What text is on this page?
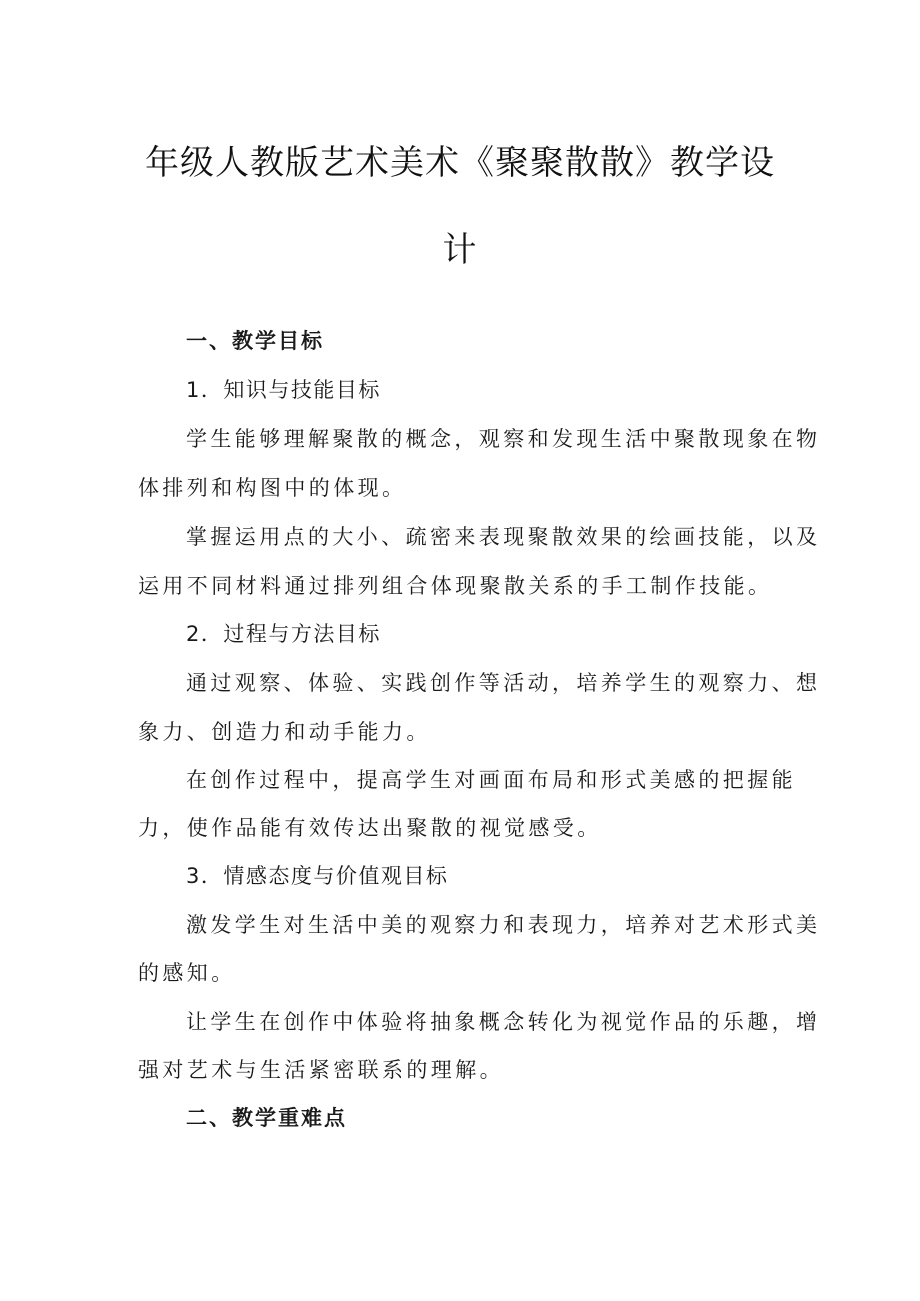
年级人教版艺术美术《聚聚散散》教学设
计
一、教学目标
1．知识与技能目标
学生能够理解聚散的概念，观察和发现生活中聚散现象在物
体排列和构图中的体现。
掌握运用点的大小、疏密来表现聚散效果的绘画技能，以及
运用不同材料通过排列组合体现聚散关系的手工制作技能。
2．过程与方法目标
通过观察、体验、实践创作等活动，培养学生的观察力、想
象力、创造力和动手能力。
在创作过程中，提高学生对画面布局和形式美感的把握能
力，使作品能有效传达出聚散的视觉感受。
3．情感态度与价值观目标
激发学生对生活中美的观察力和表现力，培养对艺术形式美
的感知。
让学生在创作中体验将抽象概念转化为视觉作品的乐趣，增
强对艺术与生活紧密联系的理解。
二、教学重难点
